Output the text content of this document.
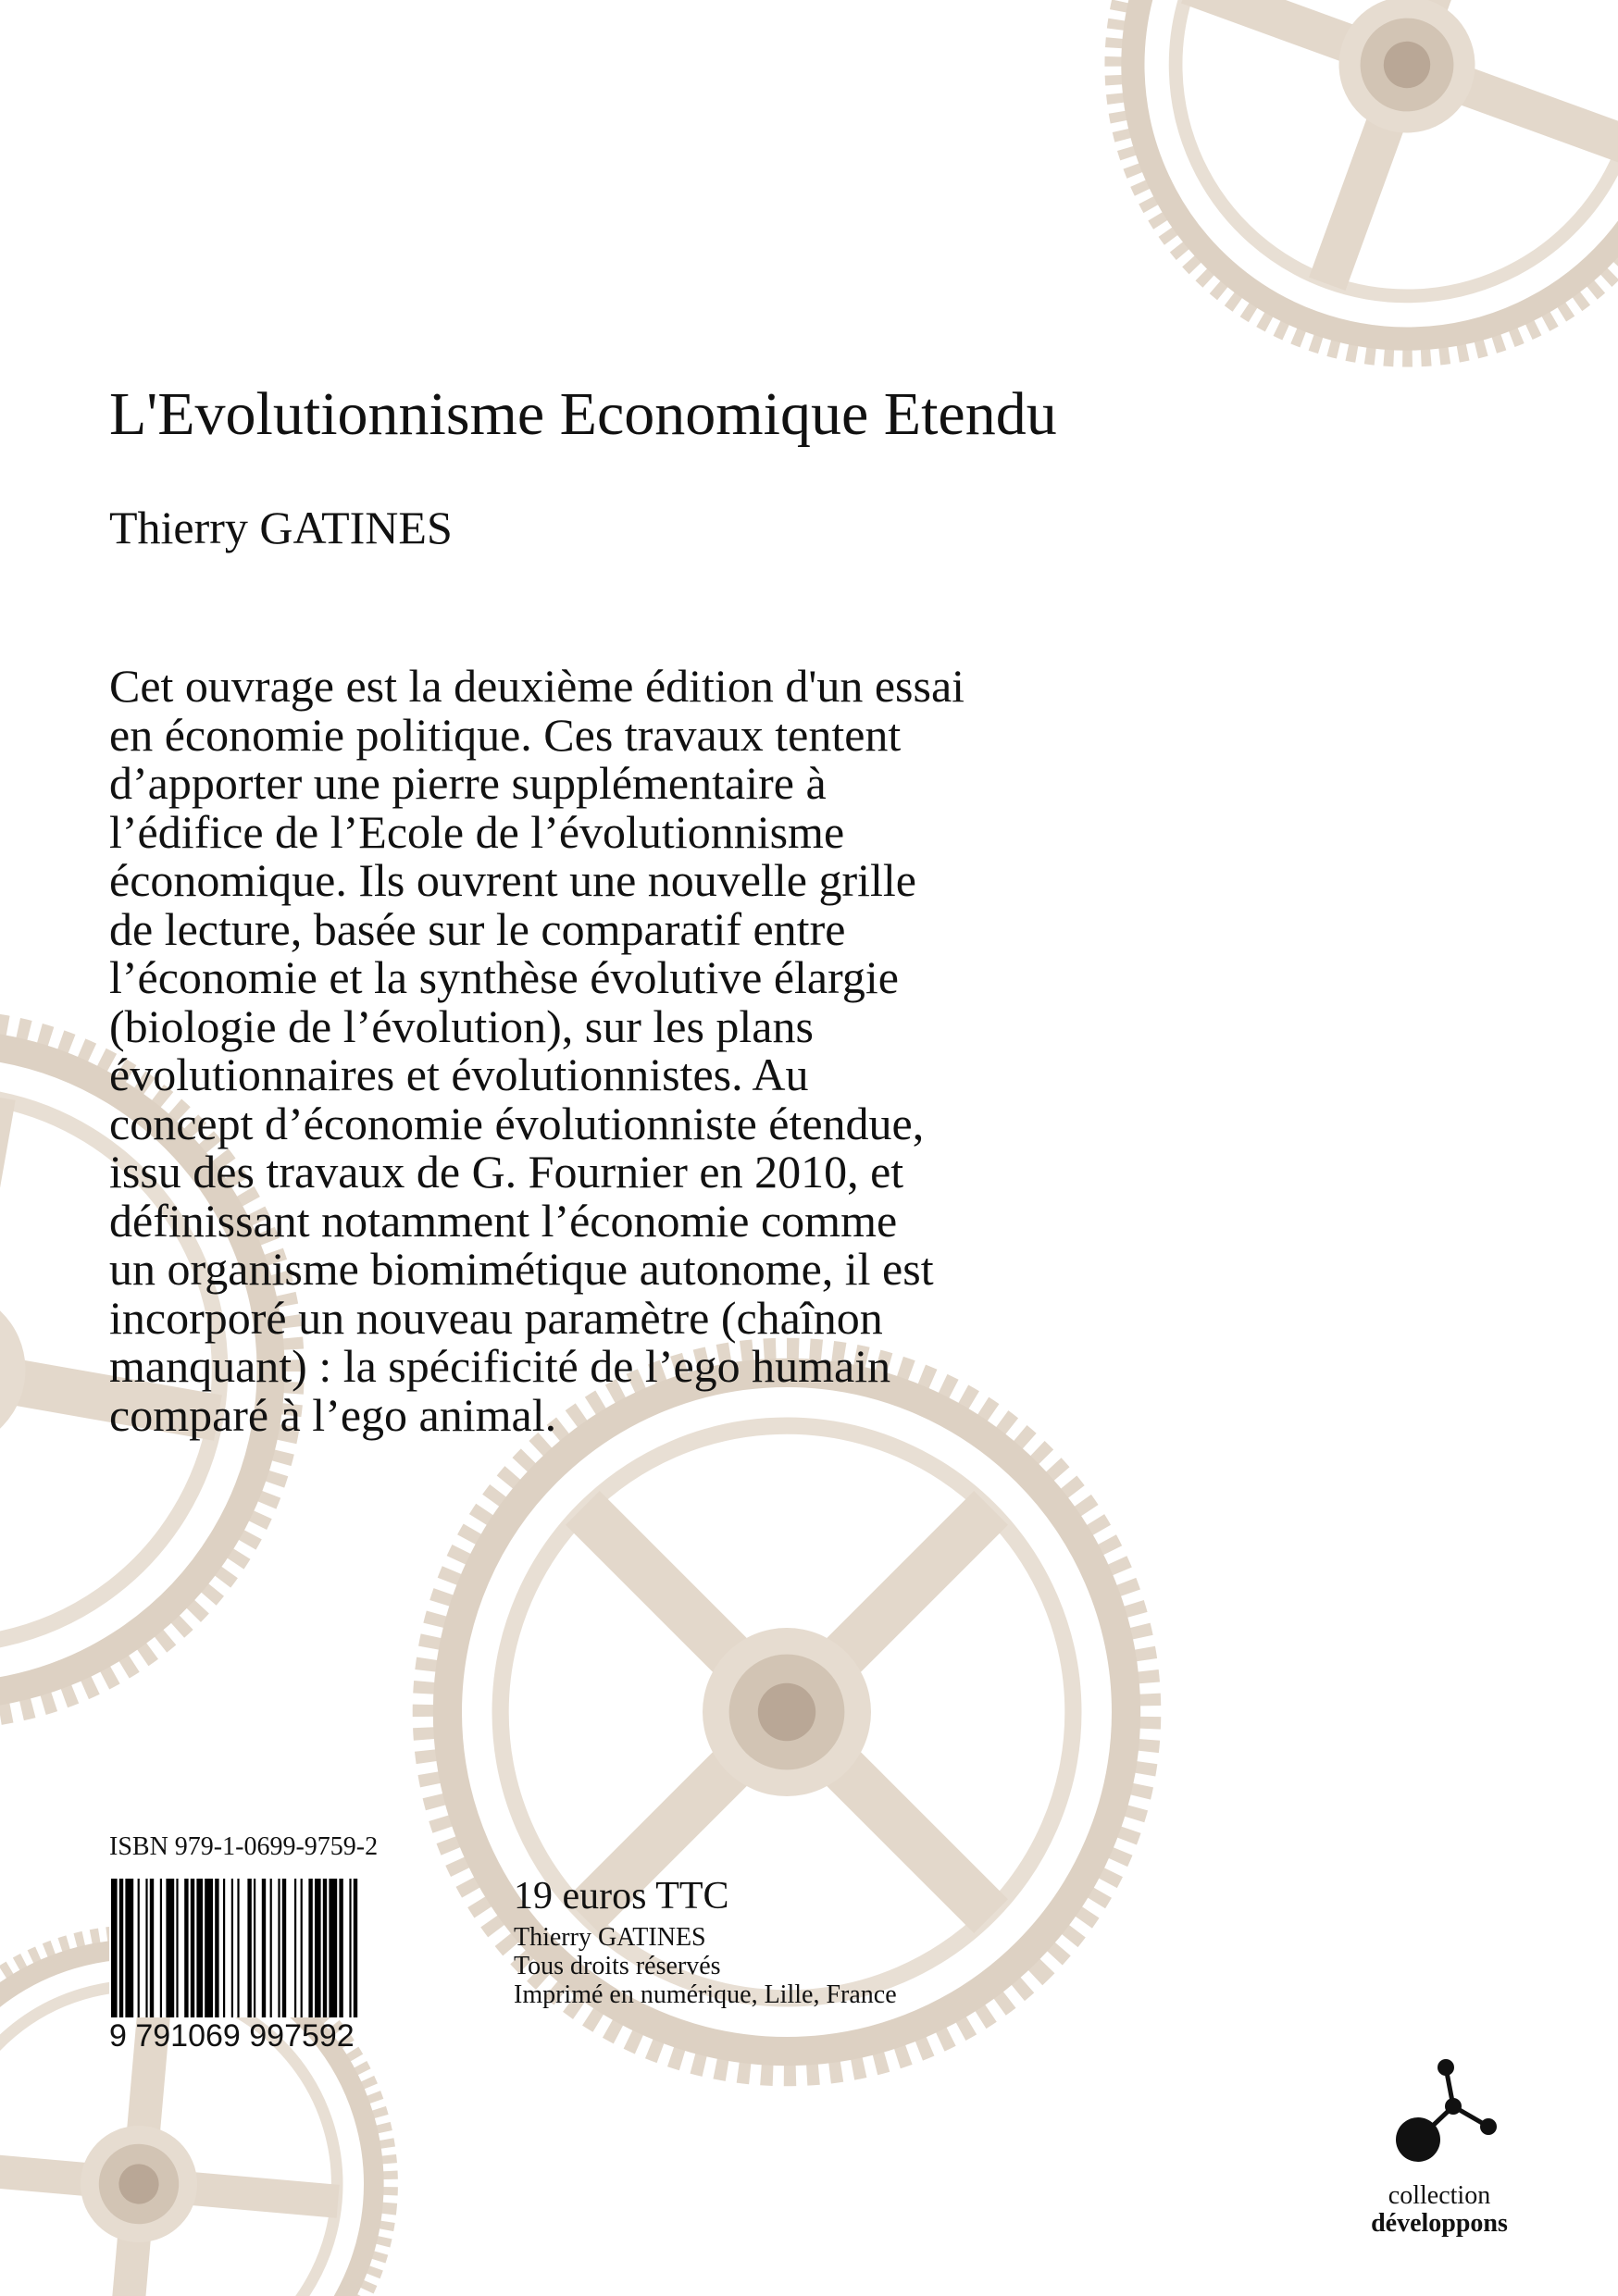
L'Evolutionnisme Economique Etendu
Thierry GATINES
Cet ouvrage est la deuxième édition d'un essai
en économie politique. Ces travaux tentent
d’apporter une pierre supplémentaire à
l’édifice de l’Ecole de l’évolutionnisme
économique. Ils ouvrent une nouvelle grille
de lecture, basée sur le comparatif entre
l’économie et la synthèse évolutive élargie
(biologie de l’évolution), sur les plans
évolutionnaires et évolutionnistes. Au
concept d’économie évolutionniste étendue,
issu des travaux de G. Fournier en 2010, et
définissant notamment l’économie comme
un organisme biomimétique autonome, il est
incorporé un nouveau paramètre (chaînon
manquant) : la spécificité de l’ego humain
comparé à l’ego animal.
ISBN 979-1-0699-9759-2
9 791069 997592
19 euros TTC
Thierry GATINES
Tous droits réservés
Imprimé en numérique, Lille, France
collection
développons
